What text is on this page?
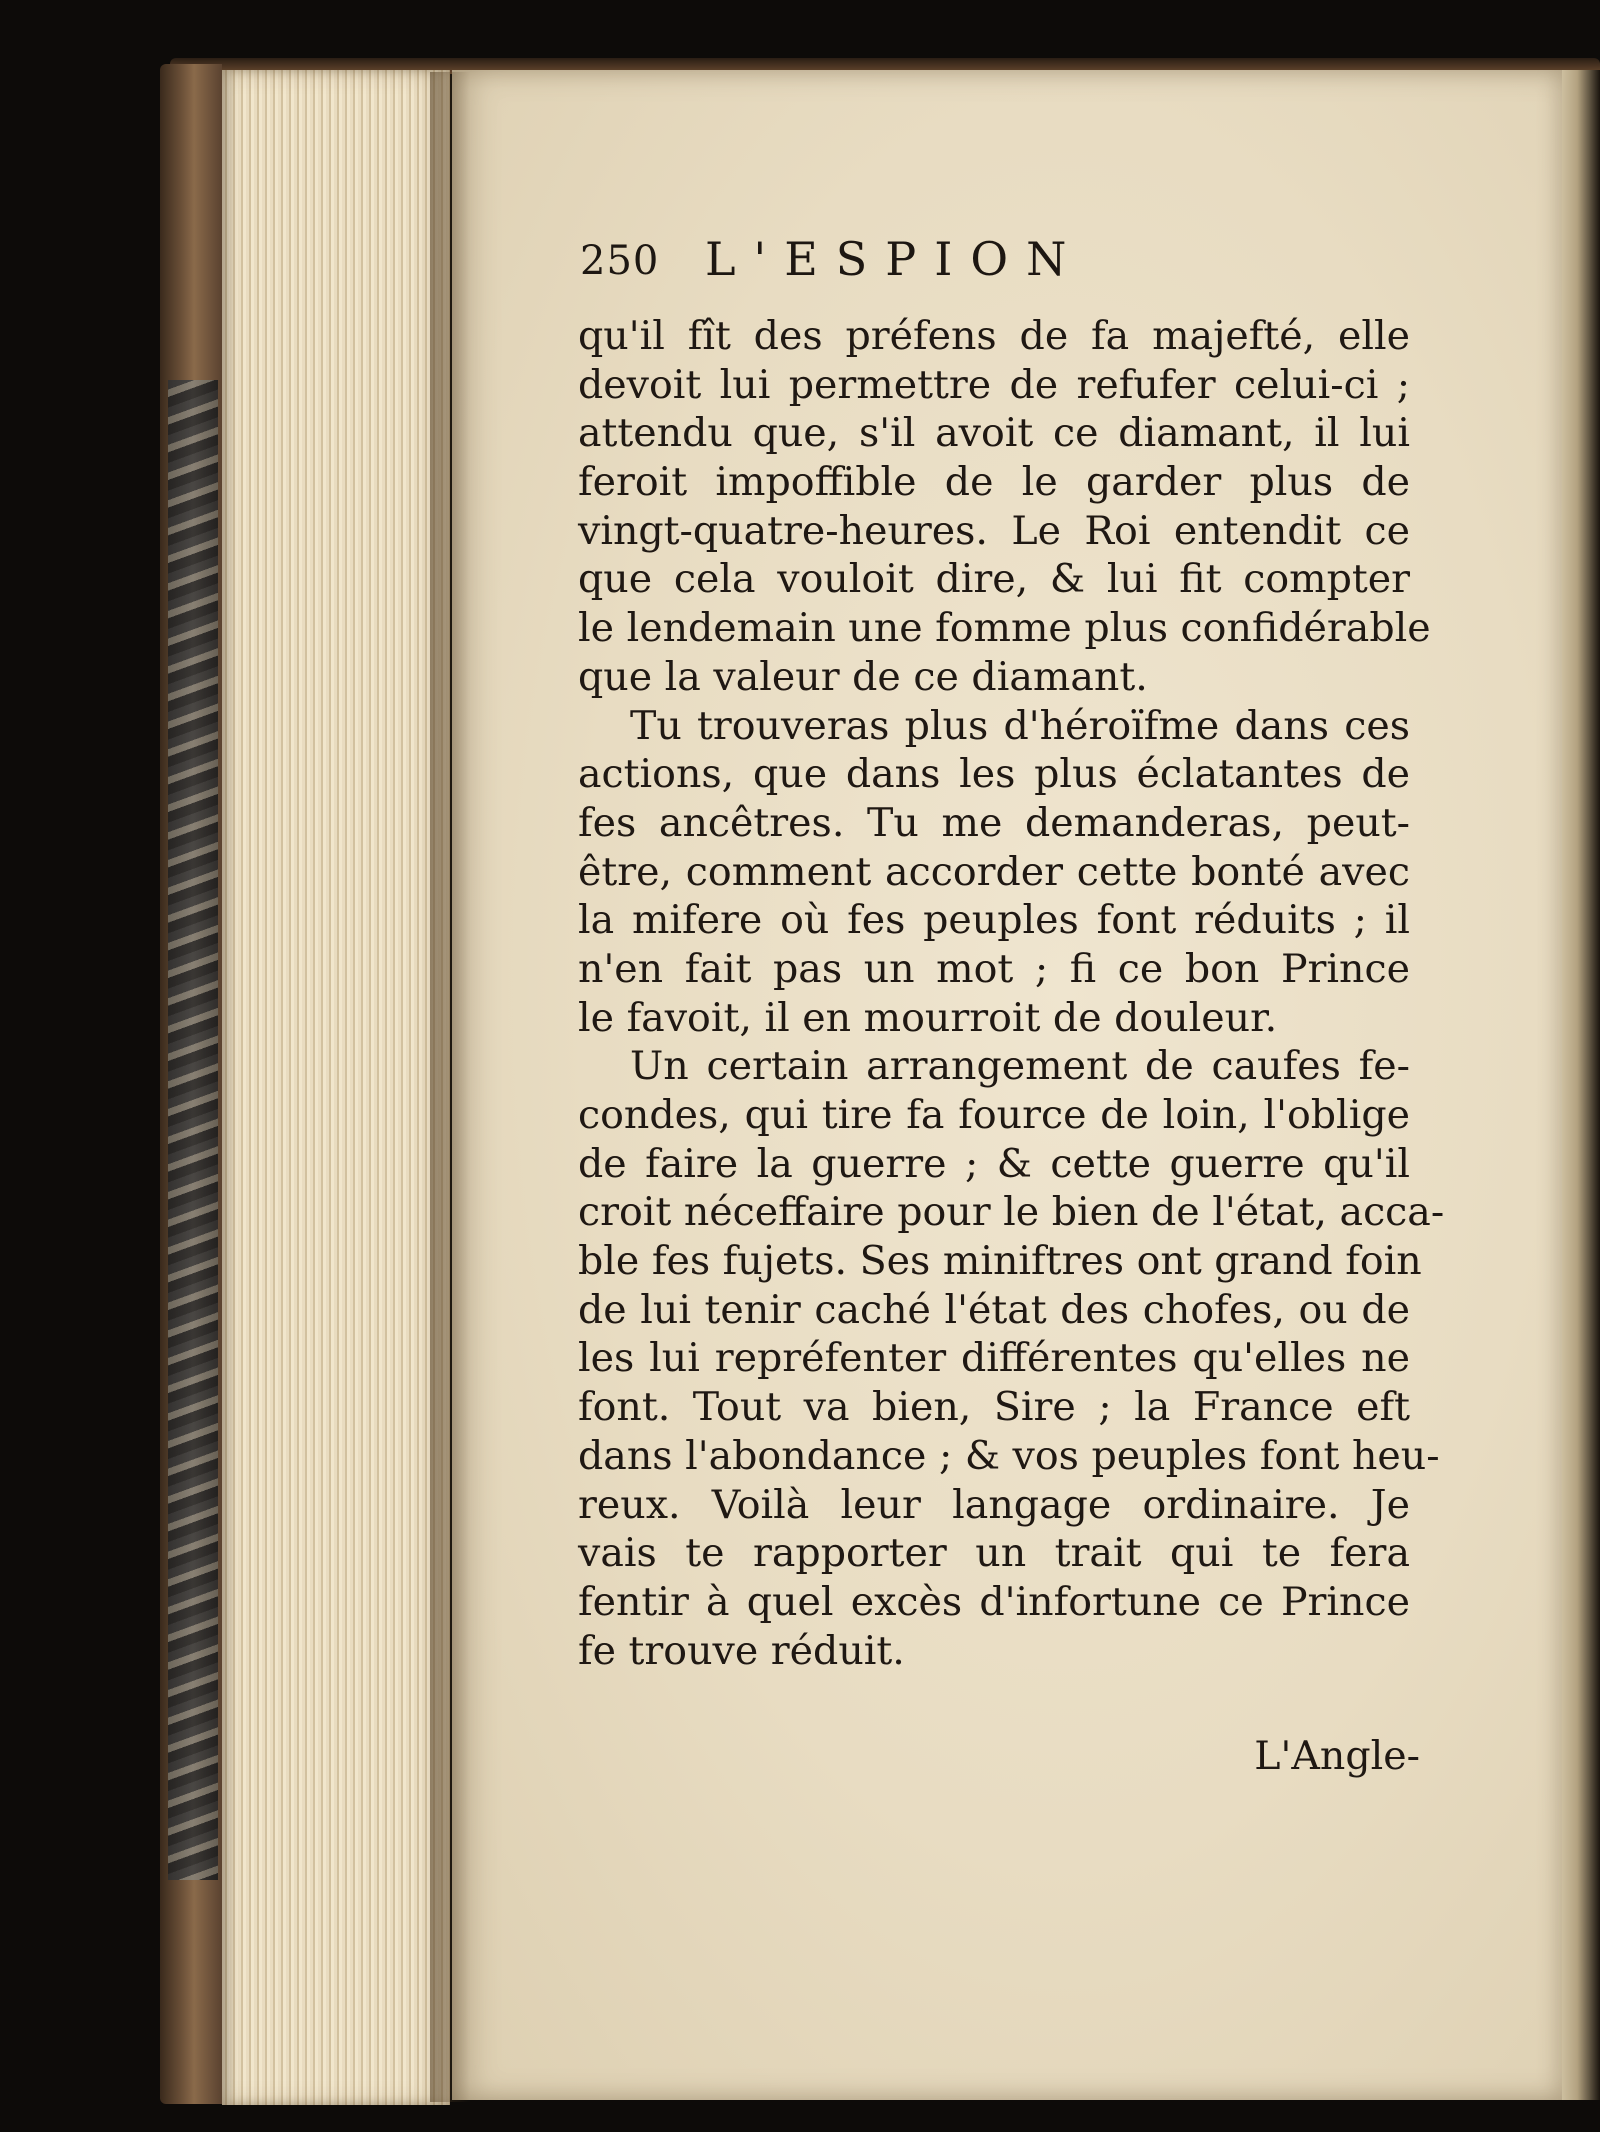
250 L'ESPION
qu'il fît des préfens de fa majefté, elle
devoit lui permettre de refufer celui-ci ;
attendu que, s'il avoit ce diamant, il lui
feroit impoffible de le garder plus de
vingt-quatre-heures. Le Roi entendit ce
que cela vouloit dire, & lui fit compter
le lendemain une fomme plus confidérable
que la valeur de ce diamant.
Tu trouveras plus d'héroïfme dans ces
actions, que dans les plus éclatantes de
fes ancêtres. Tu me demanderas, peut-
être, comment accorder cette bonté avec
la mifere où fes peuples font réduits ; il
n'en fait pas un mot ; fi ce bon Prince
le favoit, il en mourroit de douleur.
Un certain arrangement de caufes fe-
condes, qui tire fa fource de loin, l'oblige
de faire la guerre ; & cette guerre qu'il
croit néceffaire pour le bien de l'état, acca-
ble fes fujets. Ses miniftres ont grand foin
de lui tenir caché l'état des chofes, ou de
les lui repréfenter différentes qu'elles ne
font. Tout va bien, Sire ; la France eft
dans l'abondance ; & vos peuples font heu-
reux. Voilà leur langage ordinaire. Je
vais te rapporter un trait qui te fera
fentir à quel excès d'infortune ce Prince
fe trouve réduit.
L'Angle-
